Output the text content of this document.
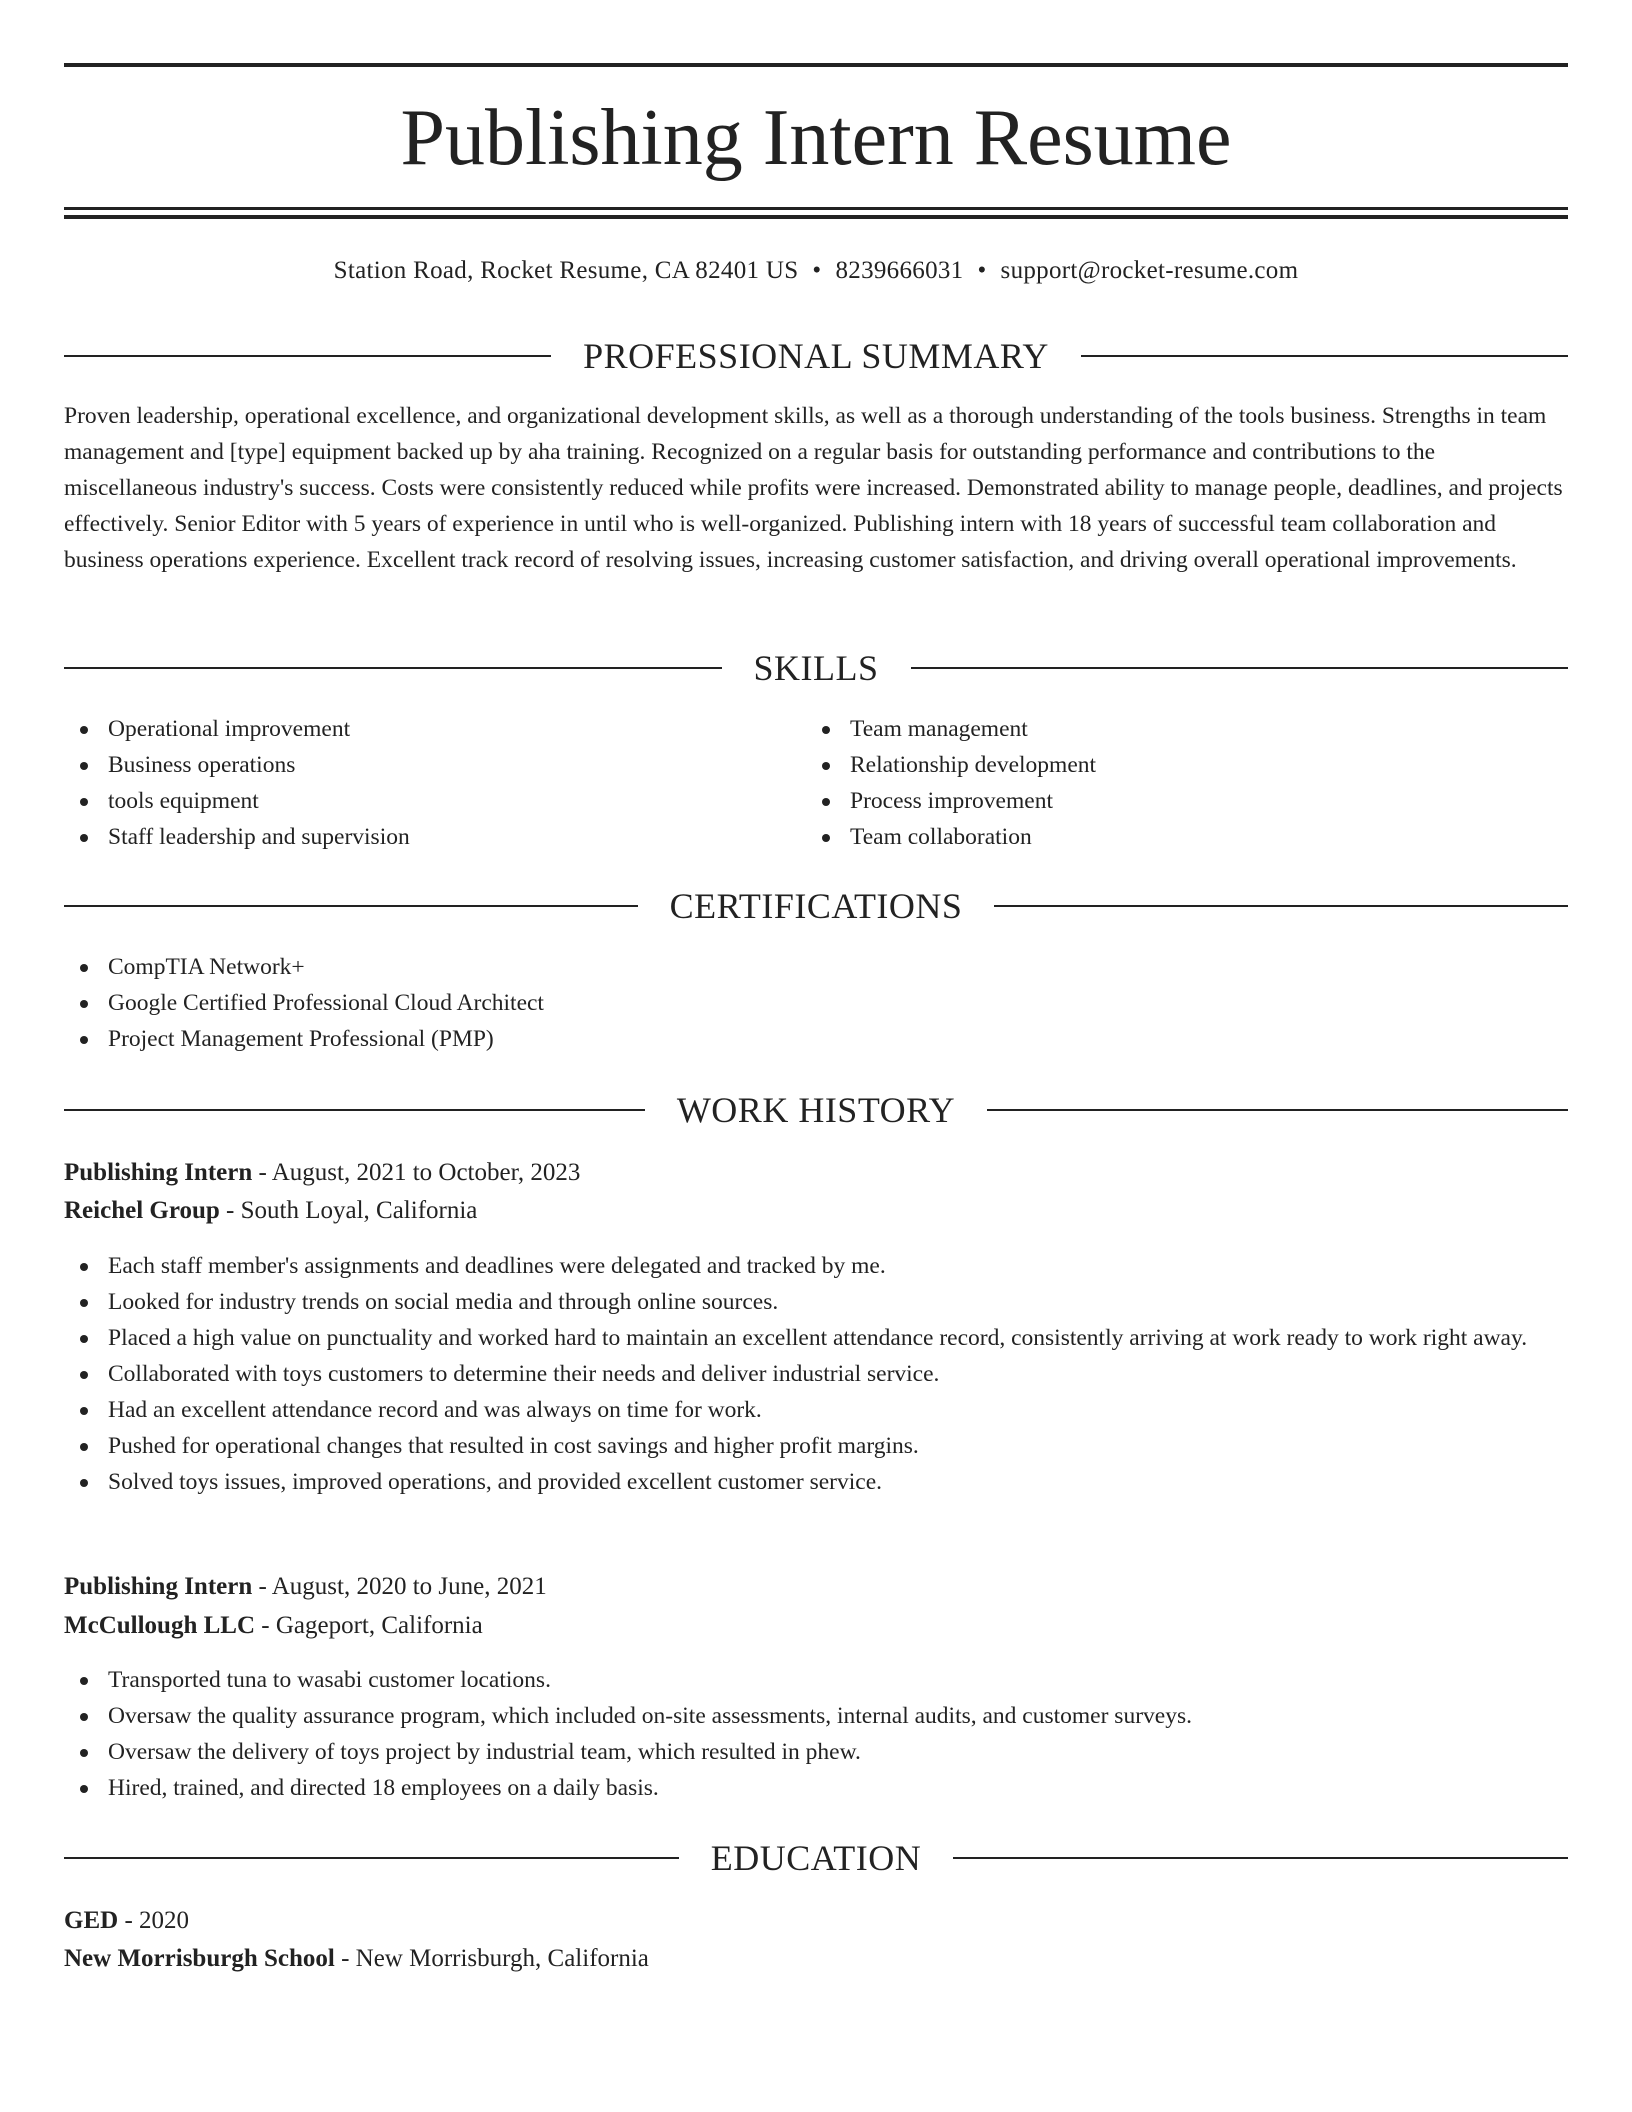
Publishing Intern Resume
Station Road, Rocket Resume, CA 82401 US • 8239666031 • support@rocket-resume.com
PROFESSIONAL SUMMARY

Proven leadership, operational excellence, and organizational development skills, as well as a thorough understanding of the tools business. Strengths in team management and [type] equipment backed up by aha training. Recognized on a regular basis for outstanding performance and contributions to the miscellaneous industry's success. Costs were consistently reduced while profits were increased. Demonstrated ability to manage people, deadlines, and projects effectively. Senior Editor with 5 years of experience in until who is well-organized. Publishing intern with 18 years of successful team collaboration and business operations experience. Excellent track record of resolving issues, increasing customer satisfaction, and driving overall operational improvements.

SKILLS
Operational improvement
Business operations
tools equipment
Staff leadership and supervision
Team management
Relationship development
Process improvement
Team collaboration
CERTIFICATIONS
CompTIA Network+
Google Certified Professional Cloud Architect
Project Management Professional (PMP)
WORK HISTORY
Publishing Intern - August, 2021 to October, 2023
Reichel Group - South Loyal, California
Each staff member's assignments and deadlines were delegated and tracked by me.
Looked for industry trends on social media and through online sources.
Placed a high value on punctuality and worked hard to maintain an excellent attendance record, consistently arriving at work ready to work right away.
Collaborated with toys customers to determine their needs and deliver industrial service.
Had an excellent attendance record and was always on time for work.
Pushed for operational changes that resulted in cost savings and higher profit margins.
Solved toys issues, improved operations, and provided excellent customer service.
Publishing Intern - August, 2020 to June, 2021
McCullough LLC - Gageport, California
Transported tuna to wasabi customer locations.
Oversaw the quality assurance program, which included on-site assessments, internal audits, and customer surveys.
Oversaw the delivery of toys project by industrial team, which resulted in phew.
Hired, trained, and directed 18 employees on a daily basis.
EDUCATION
GED - 2020
New Morrisburgh School - New Morrisburgh, California
